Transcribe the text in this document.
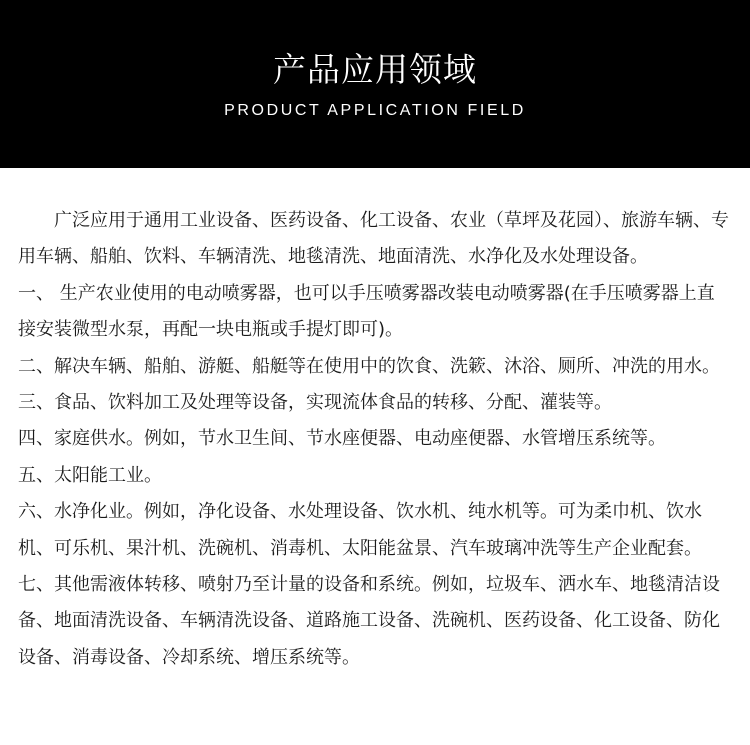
产品应用领域
PRODUCT APPLICATION FIELD

广泛应用于通用工业设备、医药设备、化工设备、农业（草坪及花园）、旅游车辆、专用车辆、船舶、饮料、车辆清洗、地毯清洗、地面清洗、水净化及水处理设备。

一、 生产农业使用的电动喷雾器，也可以手压喷雾器改装电动喷雾器(在手压喷雾器上直接安装微型水泵，再配一块电瓶或手提灯即可)。

二、解决车辆、船舶、游艇、船艇等在使用中的饮食、洗簌、沐浴、厕所、冲洗的用水。

三、食品、饮料加工及处理等设备，实现流体食品的转移、分配、灌装等。

四、家庭供水。例如，节水卫生间、节水座便器、电动座便器、水管增压系统等。

五、太阳能工业。

六、水净化业。例如，净化设备、水处理设备、饮水机、纯水机等。可为柔巾机、饮水机、可乐机、果汁机、洗碗机、消毒机、太阳能盆景、汽车玻璃冲洗等生产企业配套。

七、其他需液体转移、喷射乃至计量的设备和系统。例如，垃圾车、洒水车、地毯清洁设备、地面清洗设备、车辆清洗设备、道路施工设备、洗碗机、医药设备、化工设备、防化设备、消毒设备、冷却系统、增压系统等。
